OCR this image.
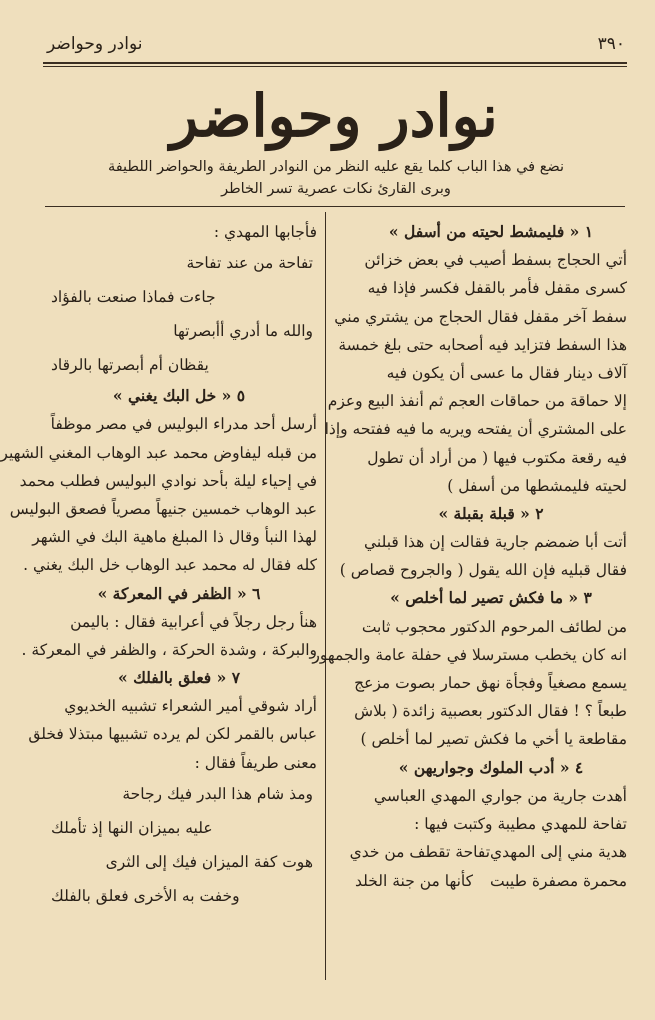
٣٩٠
نوادر وحواضر
نوادر وحواضر
نضع في هذا الباب كلما يقع عليه النظر من النوادر الطريفة والحواضر اللطيفة
وبرى القارئ نكات عصرية تسر الخاطر
١ « فليمشط لحيته من أسفل »
أتي الحجاج بسفط أصيب في بعض خزائن
كسرى مقفل فأمر بالقفل فكسر فإذا فيه
سفط آخر مقفل فقال الحجاج من يشتري مني
هذا السفط فتزايد فيه أصحابه حتى بلغ خمسة
آلاف دينار فقال ما عسى أن يكون فيه
إلا حماقة من حماقات العجم ثم أنفذ البيع وعزم
على المشتري أن يفتحه ويريه ما فيه ففتحه وإذا
فيه رقعة مكتوب فيها ( من أراد أن تطول
لحيته فليمشطها من أسفل )
٢ « قبلة بقبلة »
أتت أبا ضمضم جارية فقالت إن هذا قبلني
فقال قبليه فإن الله يقول ( والجروح قصاص )
٣ « ما فكش تصير لما أخلص »
من لطائف المرحوم الدكتور محجوب ثابت
انه كان يخطب مسترسلا في حفلة عامة والجمهور
يسمع مصغياً وفجأة نهق حمار بصوت مزعج
طبعاً ؟ ! فقال الدكتور بعصبية زائدة ( بلاش
مقاطعة يا أخي ما فكش تصير لما أخلص )
٤ « أدب الملوك وجواريهن »
أهدت جارية من جواري المهدي العباسي
تفاحة للمهدي مطيبة وكتبت فيها :
هدية مني إلى المهدي
تفاحة تقطف من خدي
محمرة مصفرة طيبت
كأنها من جنة الخلد
فأجابها المهدي :
تفاحة من عند تفاحة
جاءت فماذا صنعت بالفؤاد
والله ما أدري أأبصرتها
يقظان أم أبصرتها بالرقاد
٥ « خل البك يغني »
أرسل أحد مدراء البوليس في مصر موظفاً
من قبله ليفاوض محمد عبد الوهاب المغني الشهير
في إحياء ليلة بأحد نوادي البوليس فطلب محمد
عبد الوهاب خمسين جنيهاً مصرياً فصعق البوليس
لهذا النبأ وقال ذا المبلغ ماهية البك في الشهر
كله فقال له محمد عبد الوهاب خل البك يغني .
٦ « الظفر في المعركة »
هنأ رجل رجلاً في أعرابية فقال : باليمن
والبركة ، وشدة الحركة ، والظفر في المعركة .
٧ « فعلق بالفلك »
أراد شوقي أمير الشعراء تشبيه الخديوي
عباس بالقمر لكن لم يرده تشبيها مبتذلا فخلق
معنى طريفاً فقال :
ومذ شام هذا البدر فيك رجاحة
عليه بميزان النها إذ تأملك
هوت كفة الميزان فيك إلى الثرى
وخفت به الأخرى فعلق بالفلك
